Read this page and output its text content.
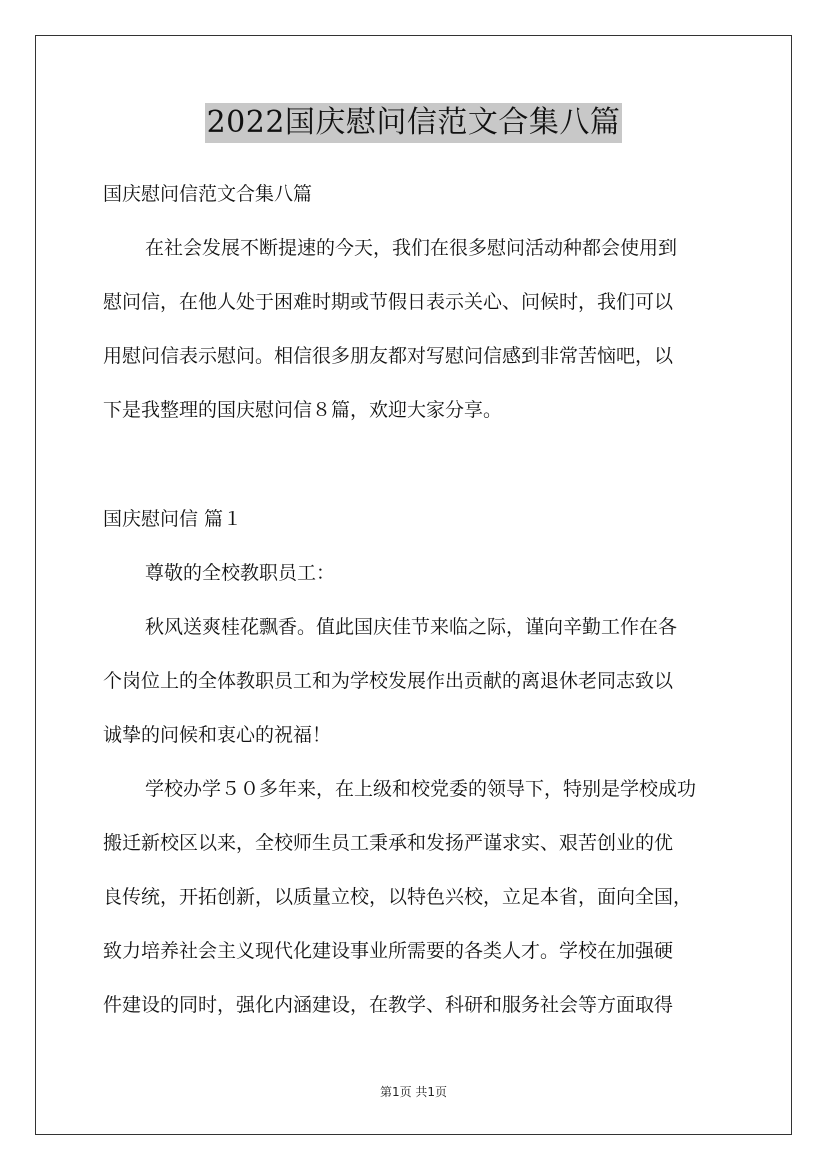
2022国庆慰问信范文合集八篇
国庆慰问信范文合集八篇
在社会发展不断提速的今天，我们在很多慰问活动种都会使用到
慰问信，在他人处于困难时期或节假日表示关心、问候时，我们可以
用慰问信表示慰问。相信很多朋友都对写慰问信感到非常苦恼吧，以
下是我整理的国庆慰问信８篇，欢迎大家分享。
国庆慰问信 篇１
尊敬的全校教职员工：
秋风送爽桂花飘香。值此国庆佳节来临之际，谨向辛勤工作在各
个岗位上的全体教职员工和为学校发展作出贡献的离退休老同志致以
诚挚的问候和衷心的祝福！
学校办学５０多年来，在上级和校党委的领导下，特别是学校成功
搬迁新校区以来，全校师生员工秉承和发扬严谨求实、艰苦创业的优
良传统，开拓创新，以质量立校，以特色兴校，立足本省，面向全国，
致力培养社会主义现代化建设事业所需要的各类人才。学校在加强硬
件建设的同时，强化内涵建设，在教学、科研和服务社会等方面取得
第1页 共1页
